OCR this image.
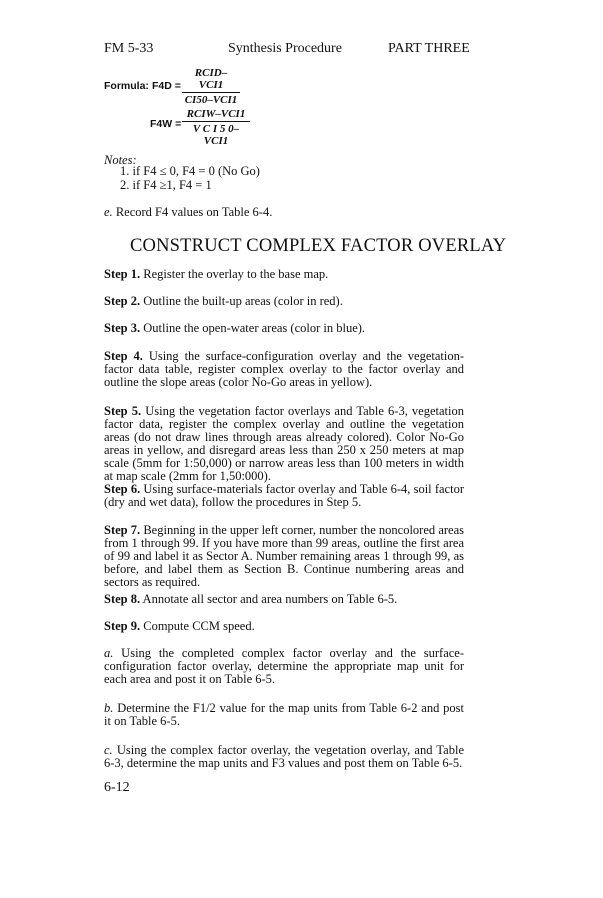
FM 5-33	Synthesis Procedure	PART THREE
Formula: F4D =
RCID–VCI1
CI50–VCI1
F4W =
RCIW–VCI1
V C I 5 0–VCI1
Notes:
1. if F4 ≤ 0, F4 = 0 (No Go)
2. if F4 ≥1, F4 = 1
e. Record F4 values on Table 6-4.
CONSTRUCT COMPLEX FACTOR OVERLAY
Step 1. Register the overlay to the base map.
Step 2. Outline the built-up areas (color in red).
Step 3. Outline the open-water areas (color in blue).
Step 4. Using the surface-configuration overlay and the vegetation-factor data table, register complex overlay to the factor overlay and outline the slope areas (color No-Go areas in yellow).
Step 5. Using the vegetation factor overlays and Table 6-3, vegetation factor data, register the complex overlay and outline the vegetation areas (do not draw lines through areas already colored). Color No-Go areas in yellow, and disregard areas less than 250 x 250 meters at map scale (5mm for 1:50,000) or narrow areas less than 100 meters in width at map scale (2mm for 1,50:000).
Step 6. Using surface-materials factor overlay and Table 6-4, soil factor (dry and wet data), follow the procedures in Step 5.
Step 7. Beginning in the upper left corner, number the noncolored areas from 1 through 99. If you have more than 99 areas, outline the first area of 99 and label it as Sector A. Number remaining areas 1 through 99, as before, and label them as Section B. Continue numbering areas and sectors as required.
Step 8. Annotate all sector and area numbers on Table 6-5.
Step 9. Compute CCM speed.
a. Using the completed complex factor overlay and the surface-configuration factor overlay, determine the appropriate map unit for each area and post it on Table 6-5.
b. Determine the F1/2 value for the map units from Table 6-2 and post it on Table 6-5.
c. Using the complex factor overlay, the vegetation overlay, and Table 6-3, determine the map units and F3 values and post them on Table 6-5.
6-12
